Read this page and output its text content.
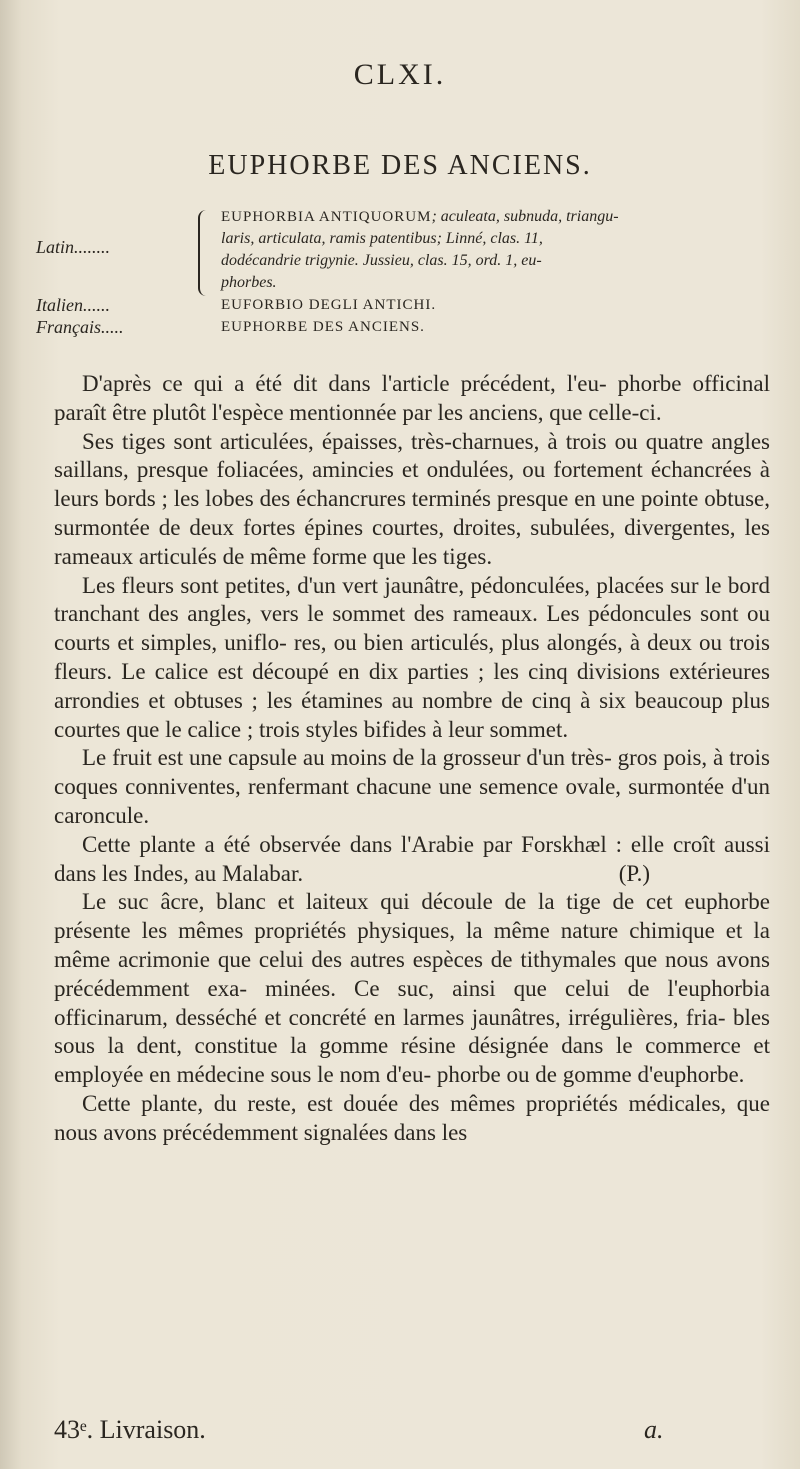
CLXI.
EUPHORBE DES ANCIENS.
Latin........
EUPHORBIA ANTIQUORUM; aculeata, subnuda, triangu-
laris, articulata, ramis patentibus; Linné, clas. 11,
dodécandrie trigynie. Jussieu, clas. 15, ord. 1, eu-
phorbes.
Italien......	EUFORBIO DEGLI ANTICHI.
Français.....	EUPHORBE DES ANCIENS.

D'après ce qui a été dit dans l'article précédent, l'eu- phorbe officinal paraît être plutôt l'espèce mentionnée par les anciens, que celle-ci.

Ses tiges sont articulées, épaisses, très-charnues, à trois ou quatre angles saillans, presque foliacées, amincies et ondulées, ou fortement échancrées à leurs bords ; les lobes des échancrures terminés presque en une pointe obtuse, surmontée de deux fortes épines courtes, droites, subulées, divergentes, les rameaux articulés de même forme que les tiges.

Les fleurs sont petites, d'un vert jaunâtre, pédonculées, placées sur le bord tranchant des angles, vers le sommet des rameaux. Les pédoncules sont ou courts et simples, uniflo- res, ou bien articulés, plus alongés, à deux ou trois fleurs. Le calice est découpé en dix parties ; les cinq divisions extérieures arrondies et obtuses ; les étamines au nombre de cinq à six beaucoup plus courtes que le calice ; trois styles bifides à leur sommet.

Le fruit est une capsule au moins de la grosseur d'un très- gros pois, à trois coques conniventes, renfermant chacune une semence ovale, surmontée d'un caroncule.

Cette plante a été observée dans l'Arabie par Forskhæl : elle croît aussi dans les Indes, au Malabar.	(P.)

Le suc âcre, blanc et laiteux qui découle de la tige de cet euphorbe présente les mêmes propriétés physiques, la même nature chimique et la même acrimonie que celui des autres espèces de tithymales que nous avons précédemment exa- minées. Ce suc, ainsi que celui de l'euphorbia officinarum, desséché et concrété en larmes jaunâtres, irrégulières, fria- bles sous la dent, constitue la gomme résine désignée dans le commerce et employée en médecine sous le nom d'eu- phorbe ou de gomme d'euphorbe.

Cette plante, du reste, est douée des mêmes propriétés médicales, que nous avons précédemment signalées dans les

43ᵉ. Livraison.	a.
